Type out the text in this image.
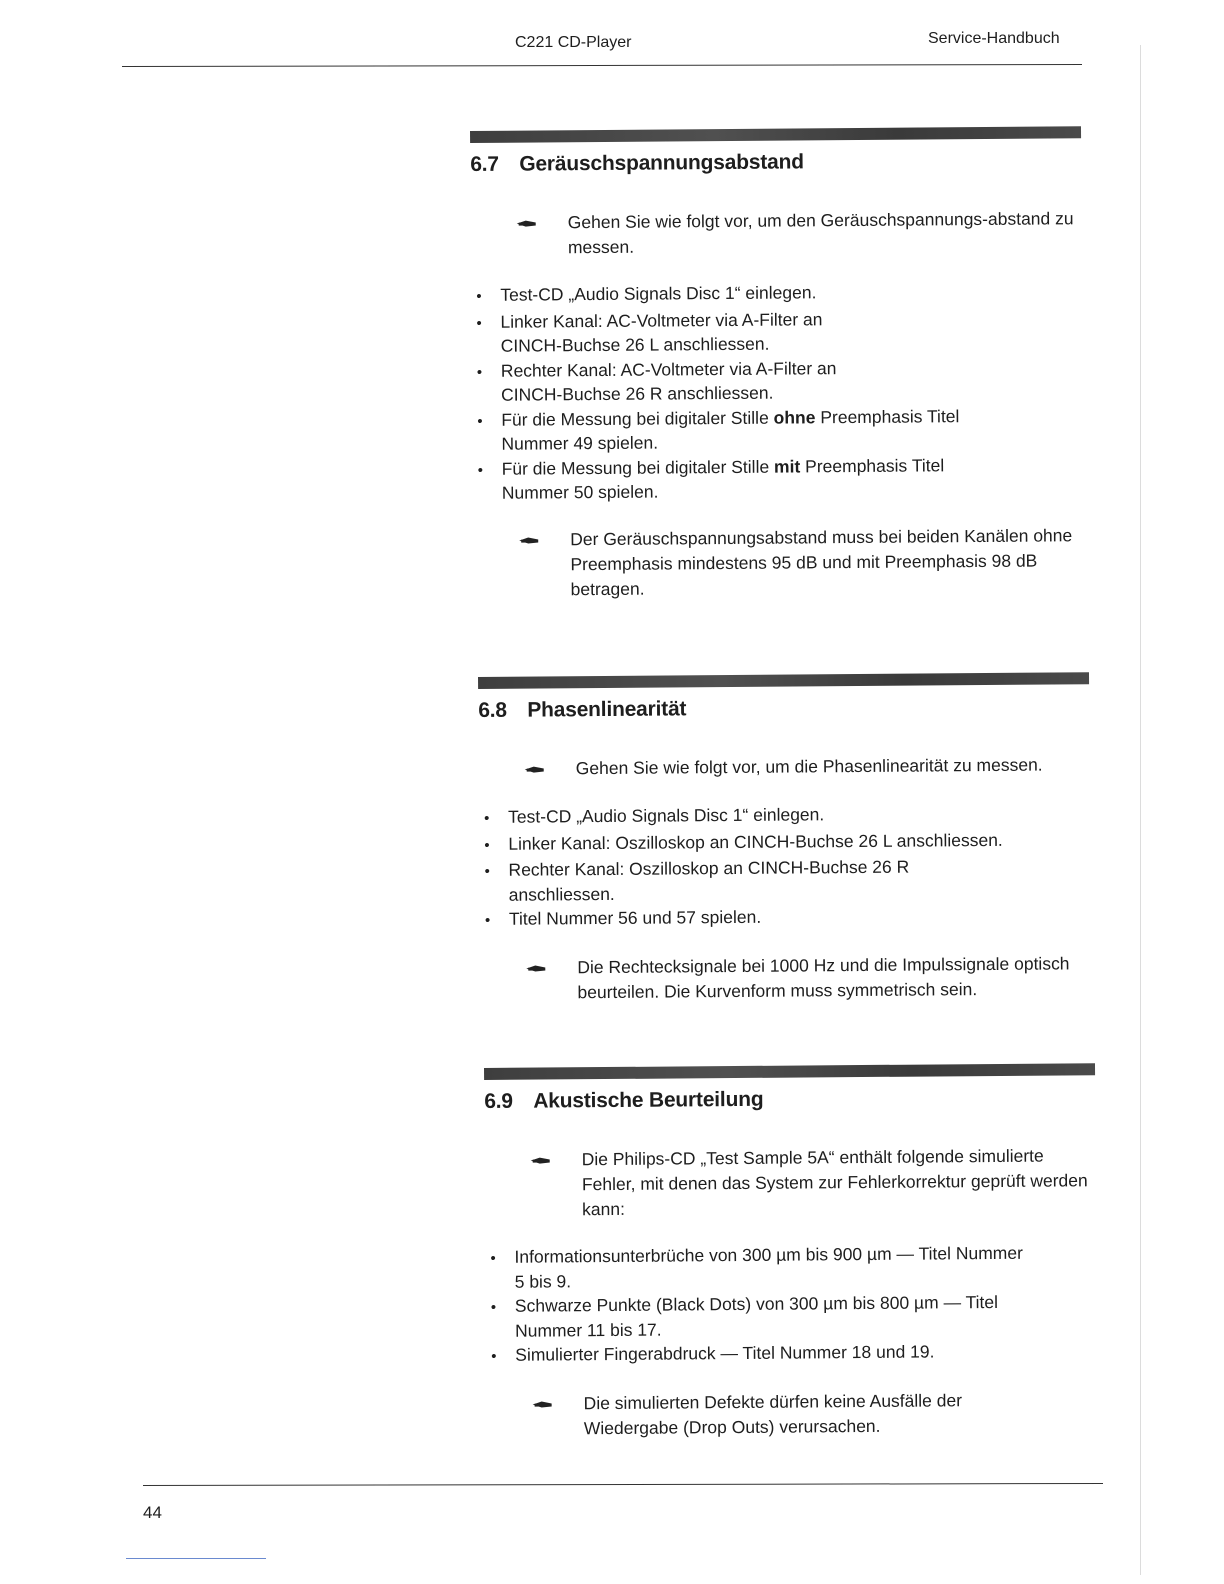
C221 CD-Player	Service-Handbuch
6.7 Geräuschspannungsabstand
Gehen Sie wie folgt vor, um den Geräuschspannungs-abstand zu messen.
•
Test-CD „Audio Signals Disc 1“ einlegen.
•
Linker Kanal: AC-Voltmeter via A-Filter an CINCH-Buchse 26 L anschliessen.
•
Rechter Kanal: AC-Voltmeter via A-Filter an CINCH-Buchse 26 R anschliessen.
•
Für die Messung bei digitaler Stille ohne Preemphasis Titel Nummer 49 spielen.
•
Für die Messung bei digitaler Stille mit Preemphasis Titel Nummer 50 spielen.
Der Geräuschspannungsabstand muss bei beiden Kanälen ohne Preemphasis mindestens 95 dB und mit Preemphasis 98 dB betragen.
6.8 Phasenlinearität
Gehen Sie wie folgt vor, um die Phasenlinearität zu messen.
•
Test-CD „Audio Signals Disc 1“ einlegen.
•
Linker Kanal: Oszilloskop an CINCH-Buchse 26 L anschliessen.
•
Rechter Kanal: Oszilloskop an CINCH-Buchse 26 R anschliessen.
•
Titel Nummer 56 und 57 spielen.
Die Rechtecksignale bei 1000 Hz und die Impulssignale optisch beurteilen. Die Kurvenform muss symmetrisch sein.
6.9 Akustische Beurteilung
Die Philips-CD „Test Sample 5A“ enthält folgende simulierte Fehler, mit denen das System zur Fehlerkorrektur geprüft werden kann:
•
Informationsunterbrüche von 300 µm bis 900 µm — Titel Nummer 5 bis 9.
•
Schwarze Punkte (Black Dots) von 300 µm bis 800 µm — Titel Nummer 11 bis 17.
•
Simulierter Fingerabdruck — Titel Nummer 18 und 19.
Die simulierten Defekte dürfen keine Ausfälle der Wiedergabe (Drop Outs) verursachen.
44
